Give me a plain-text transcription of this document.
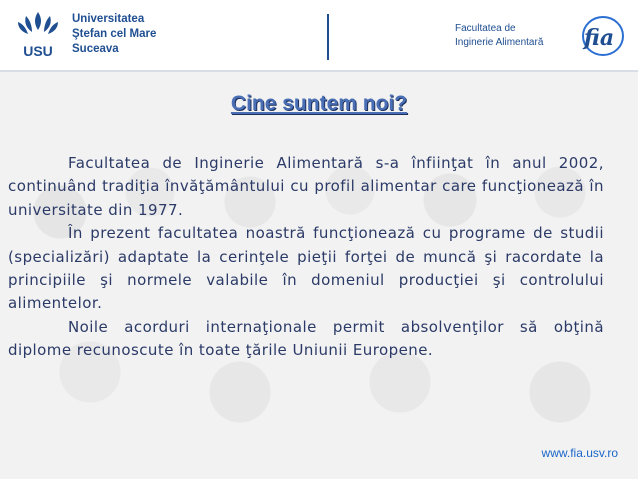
USU
Universitatea
Ştefan cel Mare
Suceava
Facultatea de
Inginerie Alimentară	fia
Cine suntem noi?

Facultatea de Inginerie Alimentară s-a înfiinţat în anul 2002, continuând tradiţia învăţământului cu profil alimentar care funcţionează în universitate din 1977.

În prezent facultatea noastră funcţionează cu programe de studii (specializări) adaptate la cerinţele pieţii forţei de muncă şi racordate la principiile şi normele valabile în domeniul producţiei şi controlului alimentelor.

Noile acorduri internaţionale permit absolvenţilor să obţină diplome recunoscute în toate ţările Uniunii Europene.

www.fia.usv.ro
